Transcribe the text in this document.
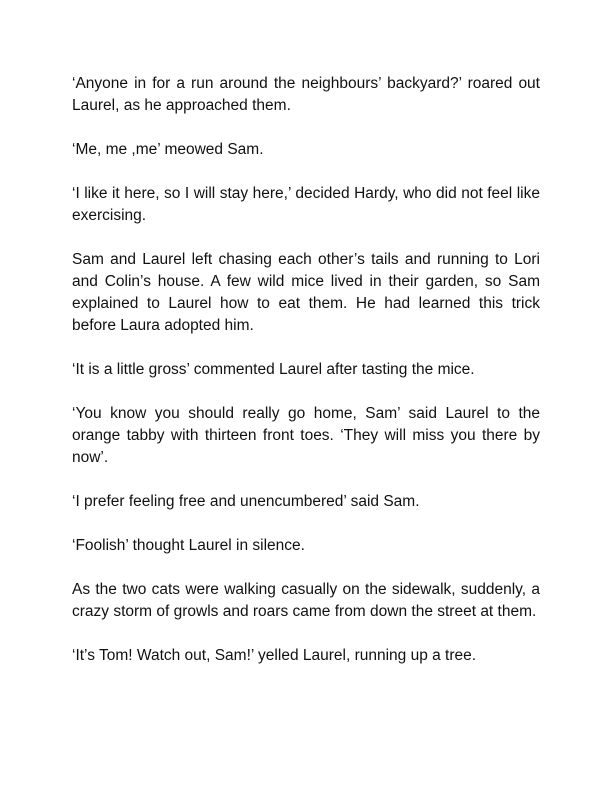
‘Anyone in for a run around the neighbours’ backyard?’ roared out Laurel, as he approached them.

‘Me, me ,me’ meowed Sam.

‘I like it here, so I will stay here,’ decided Hardy, who did not feel like exercising.

Sam and Laurel left chasing each other’s tails and running to Lori and Colin’s house. A few wild mice lived in their garden, so Sam explained to Laurel how to eat them. He had learned this trick before Laura adopted him.

‘It is a little gross’ commented Laurel after tasting the mice.

‘You know you should really go home, Sam’ said Laurel to the orange tabby with thirteen front toes. ‘They will miss you there by now’.

‘I prefer feeling free and unencumbered’ said Sam.

‘Foolish’ thought Laurel in silence.

As the two cats were walking casually on the sidewalk, suddenly, a crazy storm of growls and roars came from down the street at them.

‘It’s Tom! Watch out, Sam!’ yelled Laurel, running up a tree.
